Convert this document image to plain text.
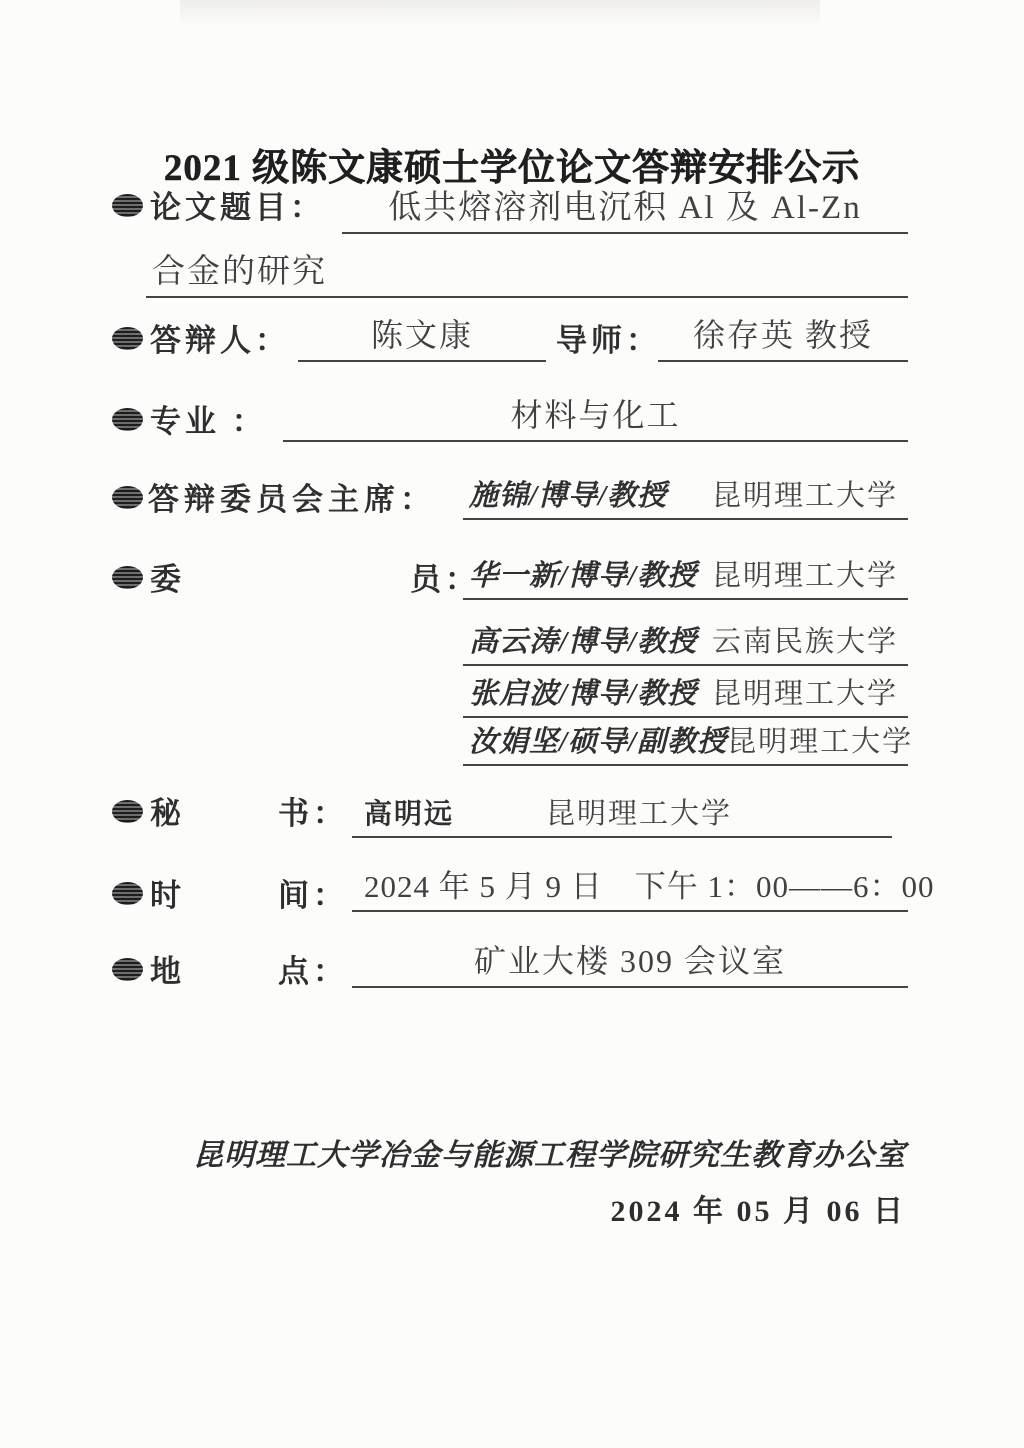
2021 级陈文康硕士学位论文答辩安排公示
论文题目： 低共熔溶剂电沉积 Al 及 Al-Zn
合金的研究
答辩人：	陈文康	导师： 徐存英 教授
专业 ：	材料与化工
答辩委员会主席： 施锦/博导/教授 昆明理工大学
委	员：
华一新/博导/教授 昆明理工大学
高云涛/博导/教授 云南民族大学
张启波/博导/教授 昆明理工大学
汝娟坚/硕导/副教授 昆明理工大学
秘	书： 高明远	昆明理工大学
时	间： 2024 年 5 月 9 日　下午 1：00——6：00
地	点：	矿业大楼 309 会议室
昆明理工大学冶金与能源工程学院研究生教育办公室
2024 年 05 月 06 日
